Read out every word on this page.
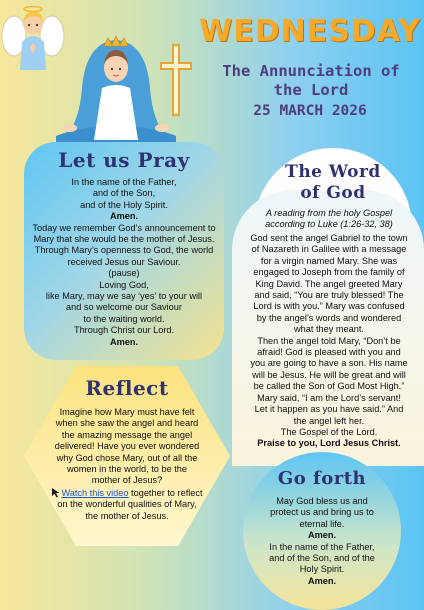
WEDNESDAY
The Annunciation of
the Lord
25 MARCH 2026
Let us Pray
In the name of the Father,
and of the Son,
and of the Holy Spirit.
Amen.
Today we remember God’s announcement to
Mary that she would be the mother of Jesus.
Through Mary’s openness to God, the world
received Jesus our Saviour.
(pause)
Loving God,
like Mary, may we say ‘yes’ to your will
and so welcome our Saviour
to the waiting world.
Through Christ our Lord.
Amen.
The Word
of God
A reading from the holy Gospel
according to Luke (1:26-32, 38)
God sent the angel Gabriel to the town
of Nazareth in Galilee with a message
for a virgin named Mary. She was
engaged to Joseph from the family of
King David. The angel greeted Mary
and said, “You are truly blessed! The
Lord is with you.” Mary was confused
by the angel’s words and wondered
what they meant.
Then the angel told Mary, “Don’t be
afraid! God is pleased with you and
you are going to have a son. His name
will be Jesus. He will be great and will
be called the Son of God Most High.”
Mary said, “I am the Lord’s servant!
Let it happen as you have said.” And
the angel left her.
The Gospel of the Lord.
Praise to you, Lord Jesus Christ.
Reflect
Imagine how Mary must have felt
when she saw the angel and heard
the amazing message the angel
delivered! Have you ever wondered
why God chose Mary, out of all the
women in the world, to be the
mother of Jesus?
Watch this video together to reflect
on the wonderful qualities of Mary,
the mother of Jesus.
Go forth
May God bless us and
protect us and bring us to
eternal life.
Amen.
In the name of the Father,
and of the Son, and of the
Holy Spirit.
Amen.
